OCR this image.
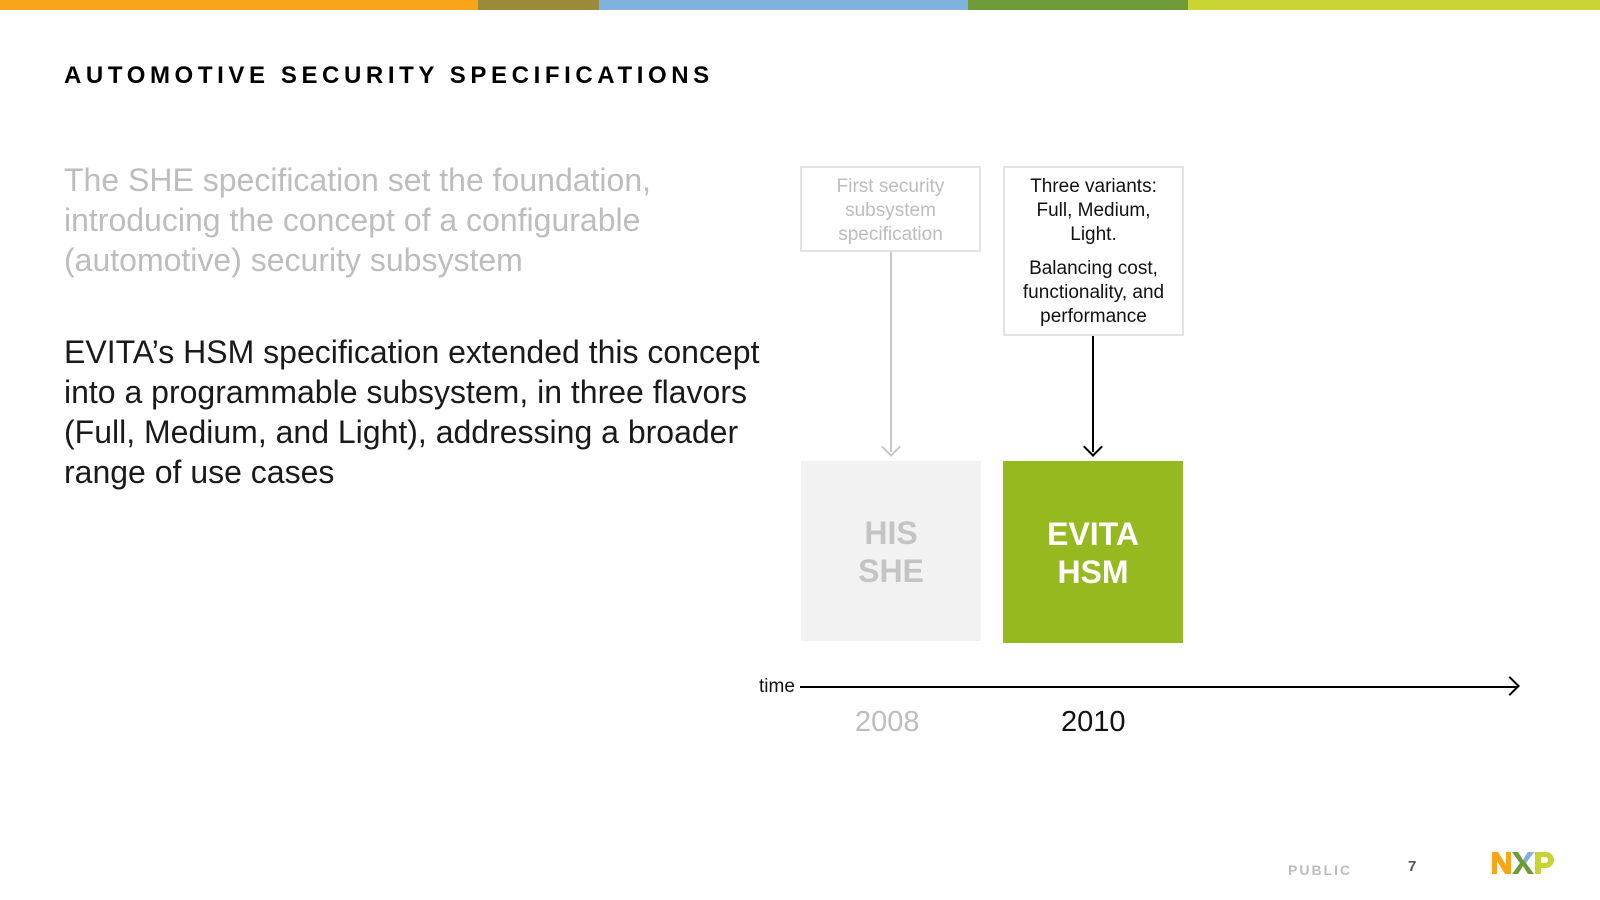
AUTOMOTIVE SECURITY SPECIFICATIONS
The SHE specification set the foundation, introducing the concept of a configurable (automotive) security subsystem
EVITA’s HSM specification extended this concept into a programmable subsystem, in three flavors (Full, Medium, and Light), addressing a broader range of use cases
First security subsystem specification
Three variants: Full, Medium, Light.
Balancing cost, functionality, and performance
HIS
SHE
EVITA
HSM
time
2008	2010
PUBLIC	7
